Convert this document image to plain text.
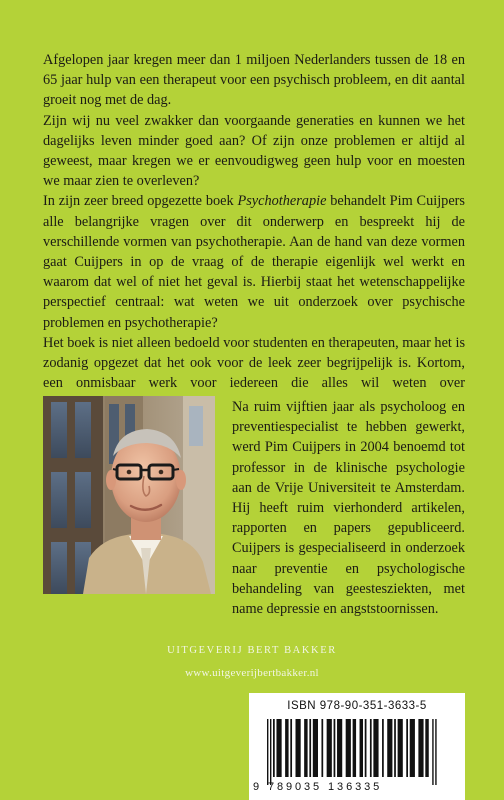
Afgelopen jaar kregen meer dan 1 miljoen Nederlanders tussen de 18 en 65 jaar hulp van een therapeut voor een psychisch probleem, en dit aantal groeit nog met de dag.

Zijn wij nu veel zwakker dan voorgaande generaties en kunnen we het dagelijks leven minder goed aan? Of zijn onze problemen er altijd al geweest, maar kregen we er eenvoudigweg geen hulp voor en moesten we maar zien te overleven?

In zijn zeer breed opgezette boek Psychotherapie behandelt Pim Cuijpers alle belangrijke vragen over dit onderwerp en bespreekt hij de verschillende vormen van psychotherapie. Aan de hand van deze vormen gaat Cuijpers in op de vraag of de therapie eigenlijk wel werkt en waarom dat wel of niet het geval is. Hierbij staat het wetenschappelijke perspectief centraal: wat weten we uit onderzoek over psychische problemen en psychotherapie?

Het boek is niet alleen bedoeld voor studenten en therapeuten, maar het is zodanig opgezet dat het ook voor de leek zeer begrijpelijk is. Kortom, een onmisbaar werk voor iedereen die alles wil weten over

Na ruim vijftien jaar als psycholoog en preventiespecialist te hebben gewerkt, werd Pim Cuijpers in 2004 benoemd tot professor in de klinische psychologie aan de Vrije Universiteit te Amsterdam. Hij heeft ruim vierhonderd artikelen, rapporten en papers gepubliceerd. Cuijpers is gespecialiseerd in onderzoek naar preventie en psychologische behandeling van geestesziekten, met name depressie en angststoornissen.
UITGEVERIJ BERT BAKKER
www.uitgeverijbertbakker.nl
ISBN 978-90-351-3633-5
9 789035 136335
